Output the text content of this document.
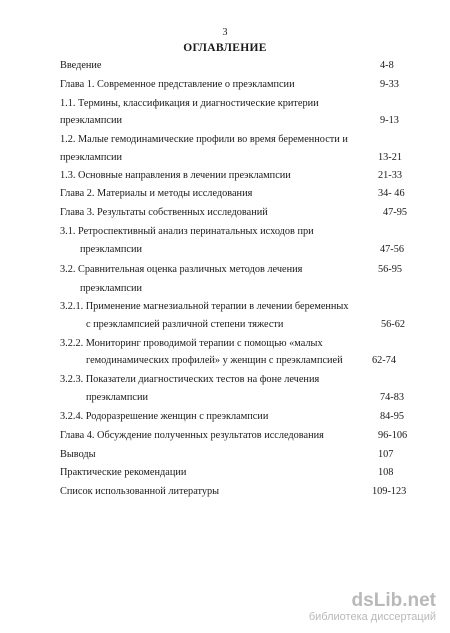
3
ОГЛАВЛЕНИЕ
Введение	4-8
Глава 1. Современное представление о преэклампсии	9-33
1.1. Термины, классификация и диагностические критерии
преэклампсии	9-13
1.2. Малые гемодинамические профили во время беременности и
преэклампсии	13-21
1.3. Основные направления в лечении преэклампсии	21-33
Глава 2. Материалы и методы исследования	34- 46
Глава 3. Результаты собственных исследований	47-95
3.1. Ретроспективный анализ перинатальных исходов при
преэклампсии	47-56
3.2. Сравнительная оценка различных методов лечения	56-95
преэклампсии
3.2.1. Применение магнезиальной терапии в лечении беременных
с преэклампсией различной степени тяжести	56-62
3.2.2. Мониторинг проводимой терапии с помощью «малых
гемодинамических профилей» у женщин с преэклампсией	62-74
3.2.3. Показатели диагностических тестов на фоне лечения
преэклампсии	74-83
3.2.4. Родоразрешение женщин с преэклампсии	84-95
Глава 4. Обсуждение полученных результатов исследования	96-106
Выводы	107
Практические рекомендации	108
Список использованной литературы	109-123
dsLib.net
библиотека диссертаций
